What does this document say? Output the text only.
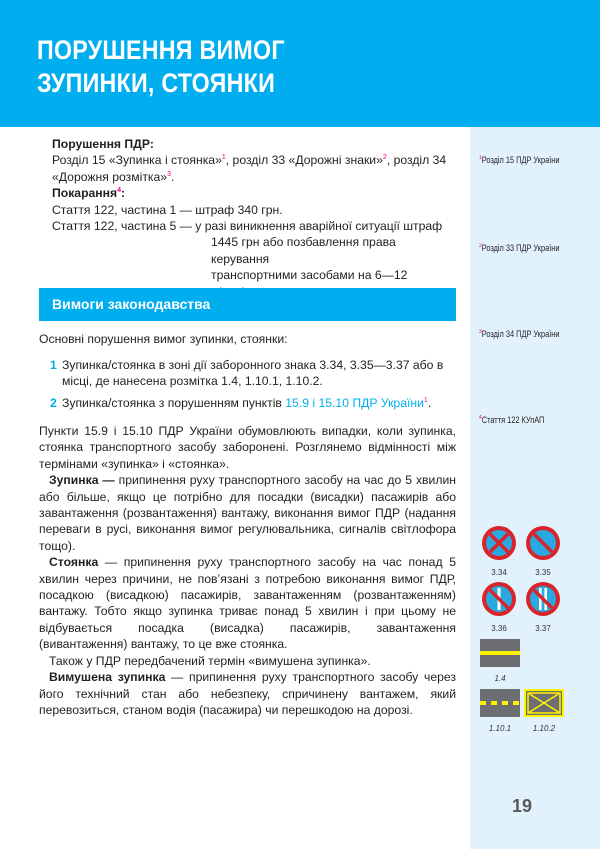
ПОРУШЕННЯ ВИМОГ
ЗУПИНКИ, СТОЯНКИ
Порушення ПДР:
Розділ 15 «Зупинка і стоянка»$^1$, розділ 33 «Дорожні знаки»$^2$, розділ 34 «Дорожня розмітка»$^3$.
Покарання$^4$:
Стаття 122, частина 1 — штраф 340 грн.
Стаття 122, частина 5 — у разі виникнення аварійної ситуації штраф
1445 грн або позбавлення права керування
транспортними засобами на 6—12
Вимоги законодавства
Основні порушення вимог зупинки, стоянки:
1 Зупинка/стоянка в зоні дії заборонного знака 3.34, 3.35—3.37 або в місці, де нанесена розмітка 1.4, 1.10.1, 1.10.2.
2 Зупинка/стоянка з порушенням пунктів 15.9 і 15.10 ПДР України$^1$.

Пункти 15.9 і 15.10 ПДР України обумовлюють випадки, коли зупинка, стоянка транспортного засобу заборонені. Розглянемо відмінності між термінами «зупинка» і «стоянка».

Зупинка — припинення руху транспортного засобу на час до 5 хвилин або більше, якщо це потрібно для посадки (висадки) пасажирів або завантаження (розвантаження) вантажу, виконання вимог ПДР (надання переваги в русі, виконання вимог регулювальника, сигналів світлофора тощо).

Стоянка — припинення руху транспортного засобу на час понад 5 хвилин через причини, не пов’язані з потребою виконання вимог ПДР, посадкою (висадкою) пасажирів, завантаженням (розвантаженням) вантажу. Тобто якщо зупинка триває понад 5 хвилин і при цьому не відбувається посадка (висадка) пасажирів, завантаження (вивантаження) вантажу, то це вже стоянка.

Також у ПДР передбачений термін «вимушена зупинка».

Вимушена зупинка — припинення руху транспортного засобу через його технічний стан або небезпеку, спричинену вантажем, який перевозиться, станом водія (пасажира) чи перешкодою на дорозі.

$^1$Розділ 15 ПДР України
$^2$Розділ 33 ПДР України
$^3$Розділ 34 ПДР України
$^4$Стаття 122 КУпАП
3.34	3.35
3.36	3.37
1.4
1.10.1	1.10.2
19
